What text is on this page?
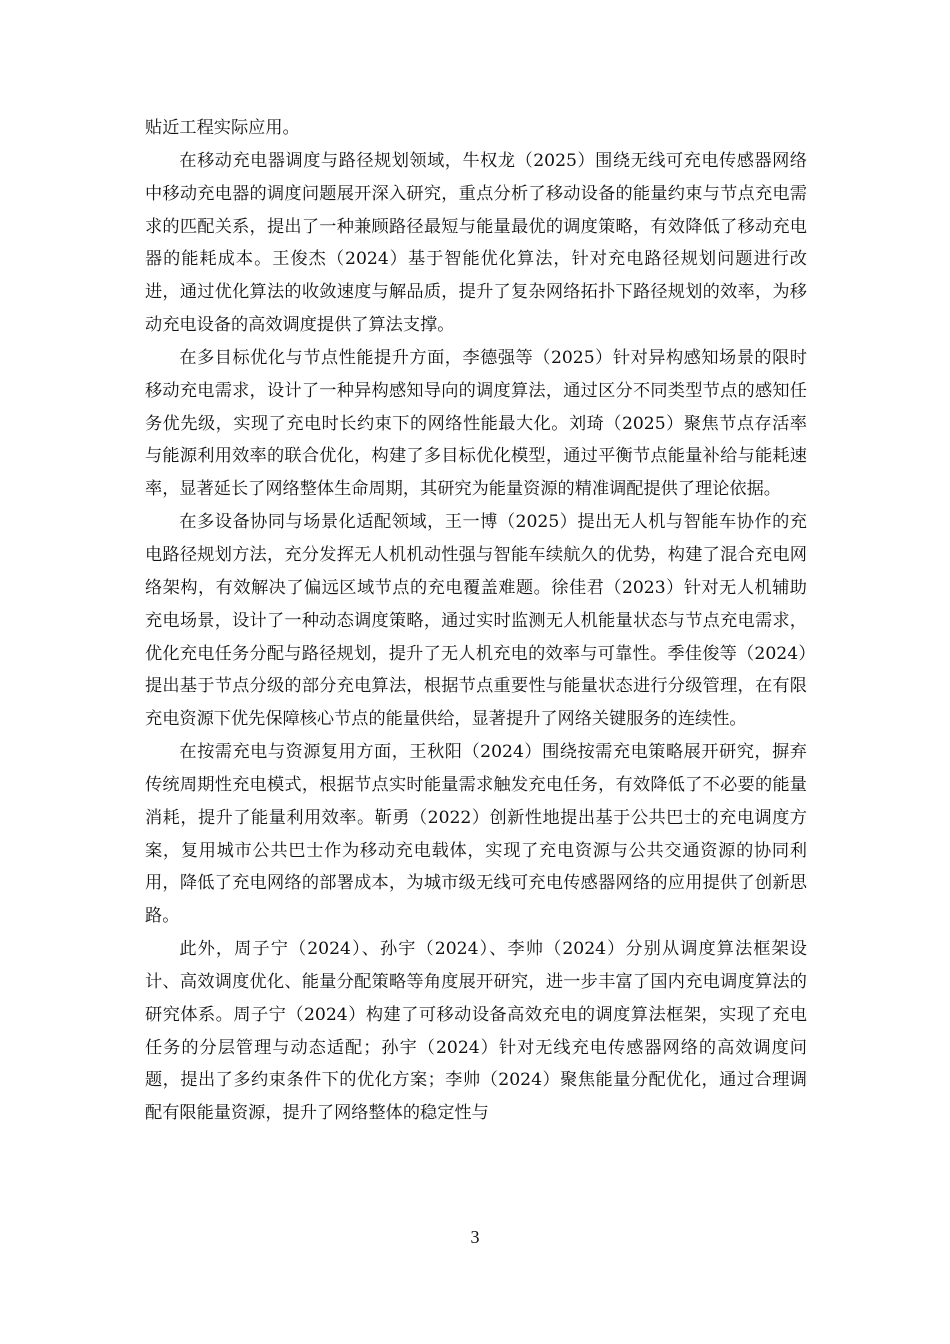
贴近工程实际应用。

在移动充电器调度与路径规划领域，牛权龙（2025）围绕无线可充电传感器网络中移动充电器的调度问题展开深入研究，重点分析了移动设备的能量约束与节点充电需求的匹配关系，提出了一种兼顾路径最短与能量最优的调度策略，有效降低了移动充电器的能耗成本。王俊杰（2024）基于智能优化算法，针对充电路径规划问题进行改进，通过优化算法的收敛速度与解品质，提升了复杂网络拓扑下路径规划的效率，为移动充电设备的高效调度提供了算法支撑。

在多目标优化与节点性能提升方面，李德强等（2025）针对异构感知场景的限时移动充电需求，设计了一种异构感知导向的调度算法，通过区分不同类型节点的感知任务优先级，实现了充电时长约束下的网络性能最大化。刘琦（2025）聚焦节点存活率与能源利用效率的联合优化，构建了多目标优化模型，通过平衡节点能量补给与能耗速率，显著延长了网络整体生命周期，其研究为能量资源的精准调配提供了理论依据。

在多设备协同与场景化适配领域，王一博（2025）提出无人机与智能车协作的充电路径规划方法，充分发挥无人机机动性强与智能车续航久的优势，构建了混合充电网络架构，有效解决了偏远区域节点的充电覆盖难题。徐佳君（2023）针对无人机辅助充电场景，设计了一种动态调度策略，通过实时监测无人机能量状态与节点充电需求，优化充电任务分配与路径规划，提升了无人机充电的效率与可靠性。季佳俊等（2024）提出基于节点分级的部分充电算法，根据节点重要性与能量状态进行分级管理，在有限充电资源下优先保障核心节点的能量供给，显著提升了网络关键服务的连续性。

在按需充电与资源复用方面，王秋阳（2024）围绕按需充电策略展开研究，摒弃传统周期性充电模式，根据节点实时能量需求触发充电任务，有效降低了不必要的能量消耗，提升了能量利用效率。靳勇（2022）创新性地提出基于公共巴士的充电调度方案，复用城市公共巴士作为移动充电载体，实现了充电资源与公共交通资源的协同利用，降低了充电网络的部署成本，为城市级无线可充电传感器网络的应用提供了创新思路。

此外，周子宁（2024）、孙宇（2024）、李帅（2024）分别从调度算法框架设计、高效调度优化、能量分配策略等角度展开研究，进一步丰富了国内充电调度算法的研究体系。周子宁（2024）构建了可移动设备高效充电的调度算法框架，实现了充电任务的分层管理与动态适配；孙宇（2024）针对无线充电传感器网络的高效调度问题，提出了多约束条件下的优化方案；李帅（2024）聚焦能量分配优化，通过合理调配有限能量资源，提升了网络整体的稳定性与

3
